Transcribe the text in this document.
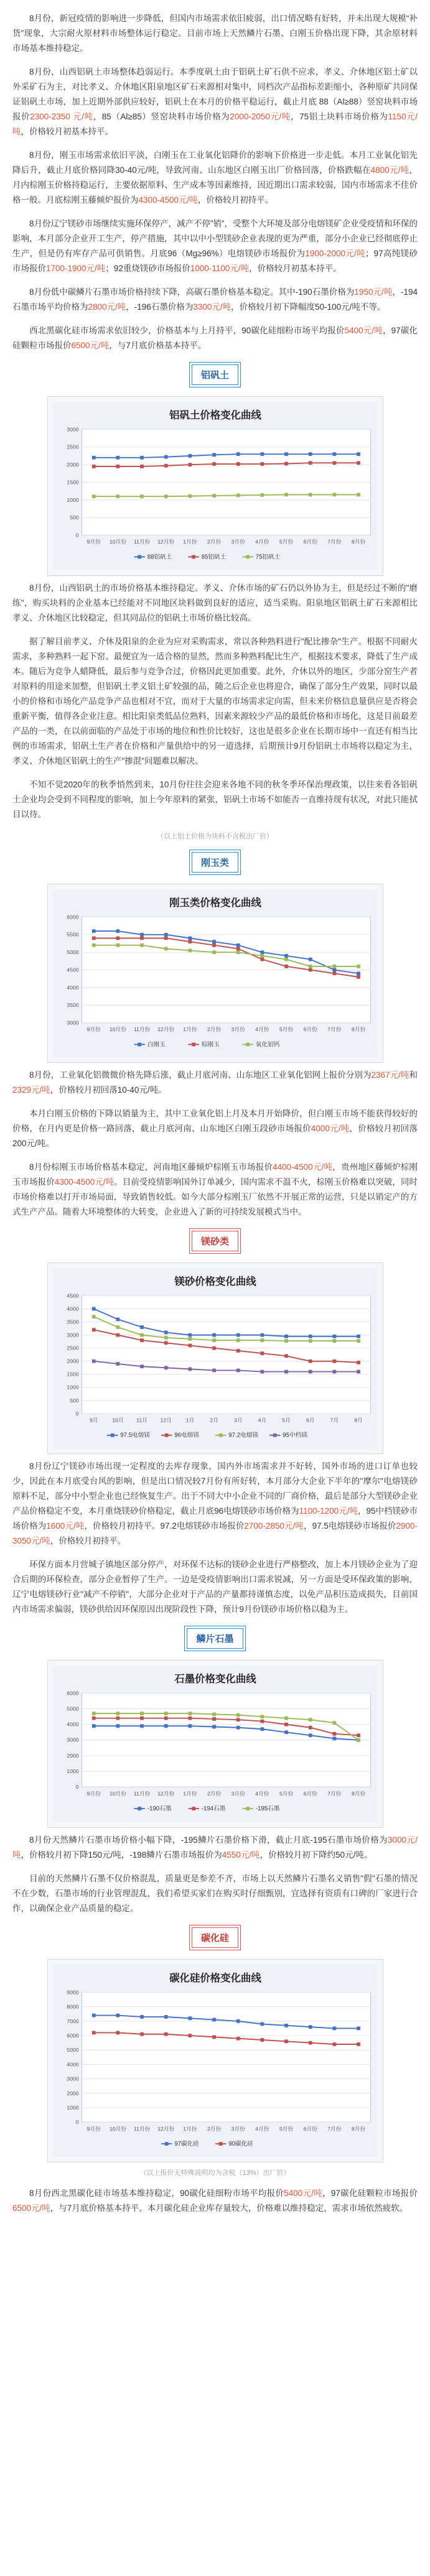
8月份，新冠疫情的影响进一步降低，但国内市场需求依旧疲弱，出口情况略有好转，并未出现大规模“补货”现象，大宗耐火原材料市场整体运行稳定。目前市场上天然鳞片石墨、白刚玉价格出现下降，其余原材料市场基本维持稳定。

8月份，山西铝矾土市场整体趋弱运行。本季度矾土由于铝矾土矿石供不应求，孝义、介休地区铝土矿以外采矿石为主，对比孝义、介休地区阳泉地区矿石来源相对集中，同档次产品指标差距缩小，各种原矿共同保证铝矾土市场，加上近期外部供应较好，铝矾土在本月的价格平稳运行，截止月底 88（Al≥88）竖窑块料市场报价2300-2350 元/吨，85（Al≥85）竖窑块料市场价格为2000-2050元/吨，75铝土块料市场价格为1150元/吨，价格较月初基本持平。

8月份，刚玉市场需求依旧平淡，白刚玉在工业氧化铝降价的影响下价格进一步走低。本月工业氧化铝先降后升，截止月底价格同降30-40元/吨，导致河南、山东地区白刚玉出厂价格回落，价格跌幅在4800元/吨，月内棕刚玉价格持稳运行，主要依据原料、生产成本等因素维持，因近期出口需求较弱，国内市场需求不佳价格一般。月底棕刚玉藤倾炉报价为4300-4500元/吨，价格较月初持平。

8月份辽宁镁砂市场继续实施环保停产，减产不停”销”，受整个大环境及部分电熔镁矿企业受疫情和环保的影响，本月部分企业开工生产，停产措施，其中以中小型镁砂企业表现的更为严重，部分小企业已经彻底停止生产，但是仍有库存产品可供销售。月底96（Mg≥96%）电熔镁砂市场报价为1900-2000元/吨；97高纯镁砂市场报价1700-1900元/吨；92重烧镁砂市场报价1000-1100元/吨，价格较月初基本持平。

8月份低中碳鳞片石墨市场价格持续下降，高碳石墨价格基本稳定。其中-190石墨价格为1950元/吨，-194石墨市场平均价格为2800元/吨，-196石墨价格为3300元/吨，价格较月初下降幅度50-100元/吨不等。

西北黑碳化硅市场需求依旧较少，价格基本与上月持平，90碳化硅细粉市场平均报价5400元/吨，97碳化硅颗粒市场报价6500元/吨，与7月底价格基本持平。

铝矾土
铝矾土价格变化曲线
0
500
1000
1500
2000
2500
3000
9月份 10月份 11月份 12月份 1月份 2月份 3月份 4月份 5月份 6月份 7月份 8月份
88铝矾土	85铝矾土	75铝矾土

8月份，山西铝矾土的市场价格基本维持稳定。孝义、介休市场的矿石仍以外协为主，但是经过不断的"磨练"，购买块料的企业基本已经能对不同地区块料做到良好的适应，适当采购。阳泉地区铝矾土矿石来源相比孝义、介休地区比较稳定，但其同品位的铝矾土市场价格比较高。

据了解目前孝义、介休及阳泉的企业为应对采购需求，常以各种熟料进行"配比掺杂"生产。根据不同耐火需求，多种熟料一起下窑。最便宜为一适合格的显然，然而多种熟料配比生产，根据技术要求，降低了生产成本。随后为竞争人蜡降低，最后参与竞争合过，价格因此更加重要。此外，介休以外的地区，少部分窑生产者对原料的用途来加整，但铝矾土孝义铝土矿较强的品，随之后企业也将迎合，确保了部分生产效果，同时以最小的价格和市场化产品竞争产品也相对不宜，而对于大量的市场需求定向需，但未来价格信息量供应是否将会重新平衡，值得各企业注意。相比阳泉类低品位熟料，因素来源较少产品的最低价格和市场化，这是目前最差产品的一类，在以前面临的产品处于市场的地位和性价比较好，这也是很多企业在长期市场中一直还有相当比例的市场需求，铝矾土生产者在价格和产量供给中的另一道选择，后期预计9月份铝矾土市场将以稳定为主，孝义、介休地区铝矾土的生产"掺混"问题难以解决。

不知不觉2020年的秋季悄然到来，10月份往往会迎来各地不同的秋冬季环保治理政策，以往来看各铝矾土企业均会受到不同程度的影响，加上今年原料的紧张，铝矾土市场不如能否一直维持现有状况，对此只能拭目以待。

（以上铝土价格为块料不含税出厂价）
刚玉类
刚玉类价格变化曲线
3000
3500
4000
4500
5000
5500
6000
9月份 10月份 11月份 12月份 1月份 2月份 3月份 4月份 5月份 6月份 7月份 8月份
白刚玉	棕刚玉	氧化铝钙

8月份，工业氧化铝微微价格先降后涨，截止月底河南、山东地区工业氧化铝网上报价分别为2367元/吨和2329元/吨，价格较月初回落10-40元/吨。

本月白刚玉价格的下降以销量为主，其中工业氧化铝上月及本月开始降价，但白刚玉市场不能获得较好的价格，在月内更是价格一路回落，截止月底河南、山东地区白刚玉段砂市场报价4000元/吨，价格较月初回落200元/吨。

8月份棕刚玉市场价格基本稳定，河南地区藤倾炉棕刚玉市场报价4400-4500元/吨，贵州地区藤倾炉棕刚玉市场报价4300-4500元/吨。目前受疫情影响国外订单减少，国内需求不温不火，棕刚玉价格难以突破，同时市场价格难以打开市场局面，导致销售较低。如今大部分棕刚玉厂依然不开展正常的运营，只是以销定产的方式生产产品。随着大环境整体的大转变，企业进入了新的可持续发展模式当中。

镁砂类
镁砂价格变化曲线
0
500
1000
1500
2000
2500
3000
3500
4000
4500
9月	10月 11月 12月	1月	2月	3月	4月	5月	6月	7月	8月
97.5电熔镁	96电熔镁	97.2电熔镁	95中档镁

8月份辽宁镁砂市场出现一定程度的去库存现象，国内外市场需求并不好转，国外市场的进口订单也较少，因此在本月底受台风的影响，但是出口情况较7月份有所好转，本月部分大企业下半年的"摩尔"电熔镁砂原料不足，部分中小型企业也已经恢复生产。出于不同大中小企业不同的厂商价格，最后是部分大型镁砂企业产品价格稳定不变，本月重烧镁砂价格稳定，截止月底96电熔镁砂市场价格为1100-1200元/吨，95中档镁砂市场价格为1600元/吨，价格较月初持平。97.2电熔镁砂市场报价2700-2850元/吨，97.5电熔镁砂市场报价2900-3050元/吨，价格较月初持平。

环保方面本月营城子镇地区部分停产，对环保不达标的镁砂企业进行严格整改，加上本月镁砂企业为了迎合后期的环保检查，部分企业暂停了生产。一边是受疫情影响出口需求锐减，另一方面是受环保政策的影响，辽宁电熔镁砂行业"减产不停销"，大部分企业对于产品的产量都持谨慎态度，以免产品积压造成损失，目前国内市场需求偏弱，镁砂供给因环保原因出现阶段性下降，预计9月份镁砂市场价格以稳为主。

鳞片石墨
石墨价格变化曲线
0
1000
2000
3000
4000
5000
6000
9月份 10月份 11月份 12月份 1月份 2月份 3月份 4月份 5月份 6月份 7月份 8月份
-190石墨	-194石墨	-195石墨

8月份天然鳞片石墨市场价格小幅下降，-195鳞片石墨价格下滑，截止月底-195石墨市场价格为3000元/吨，价格较月初下降150元/吨，-198鳞片石墨市场报价为4550元/吨，价格较月初下降约50元/吨。

目前的天然鳞片石墨不仅价格混乱，质量更是参差不齐，市场上以天然鳞片石墨名义销售"假"石墨的情况不在少数，石墨市场的行业管理混乱，我们希望买家们在购买时仔细甄别，宜选择有资质有口碑的厂家进行合作，以确保企业产品质量的稳定。

碳化硅
碳化硅价格变化曲线
0
1000
2000
3000
4000
5000
6000
7000
8000
9000
9月份 10月份 11月份 12月份 1月份 2月份 3月份 4月份 5月份 6月份 7月份 8月份
97碳化硅	90碳化硅
（以上报价无特殊说明均为含税（13%）出厂价）

8月份西北黑碳化硅市场基本维持稳定，90碳化硅细粉市场平均报价5400元/吨，97碳化硅颗粒市场报价6500元/吨，与7月底价格基本持平。本月碳化硅企业库存量较大，价格难以维持稳定，需求市场依然疲软。
